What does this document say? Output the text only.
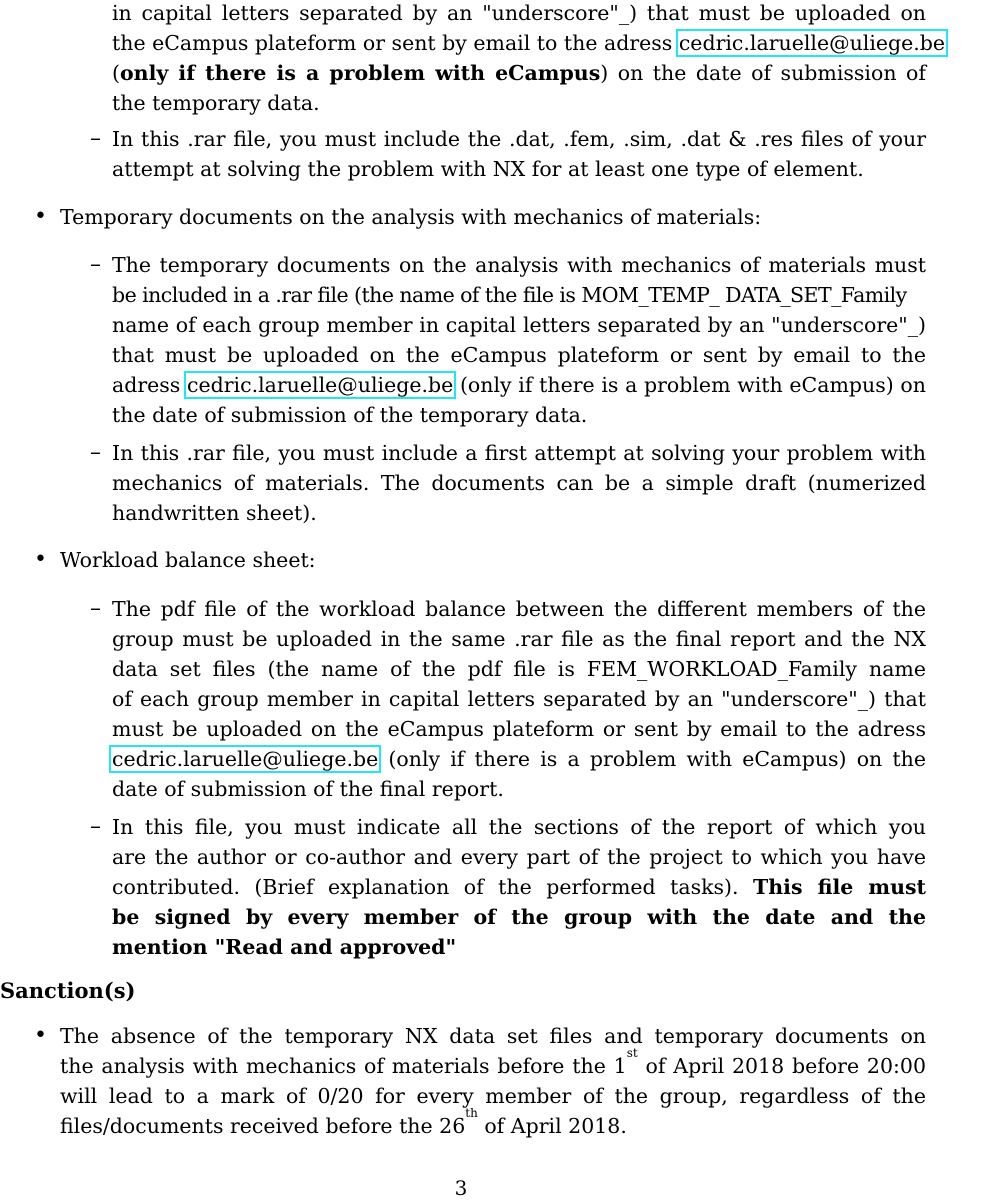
in capital letters separated by an "underscore"_) that must be uploaded on
the eCampus plateform or sent by email to the adress cedric.laruelle@uliege.be
(only if there is a problem with eCampus) on the date of submission of
the temporary data.
– In this .rar file, you must include the .dat, .fem, .sim, .dat & .res files of your
attempt at solving the problem with NX for at least one type of element.
• Temporary documents on the analysis with mechanics of materials:
– The temporary documents on the analysis with mechanics of materials must
be included in a .rar file (the name of the file is MOM_TEMP_ DATA_SET_Family
name of each group member in capital letters separated by an "underscore"_)
that must be uploaded on the eCampus plateform or sent by email to the
adress cedric.laruelle@uliege.be (only if there is a problem with eCampus) on
the date of submission of the temporary data.
– In this .rar file, you must include a first attempt at solving your problem with
mechanics of materials. The documents can be a simple draft (numerized
handwritten sheet).
• Workload balance sheet:
– The pdf file of the workload balance between the different members of the
group must be uploaded in the same .rar file as the final report and the NX
data set files (the name of the pdf file is FEM_WORKLOAD_Family name
of each group member in capital letters separated by an "underscore"_) that
must be uploaded on the eCampus plateform or sent by email to the adress
cedric.laruelle@uliege.be (only if there is a problem with eCampus) on the
date of submission of the final report.
– In this file, you must indicate all the sections of the report of which you
are the author or co-author and every part of the project to which you have
contributed. (Brief explanation of the performed tasks). This file must
be signed by every member of the group with the date and the
mention "Read and approved"
Sanction(s)
• The absence of the temporary NX data set files and temporary documents on
the analysis with mechanics of materials before the 1st of April 2018 before 20:00
will lead to a mark of 0/20 for every member of the group, regardless of the
files/documents received before the 26th of April 2018.
3
